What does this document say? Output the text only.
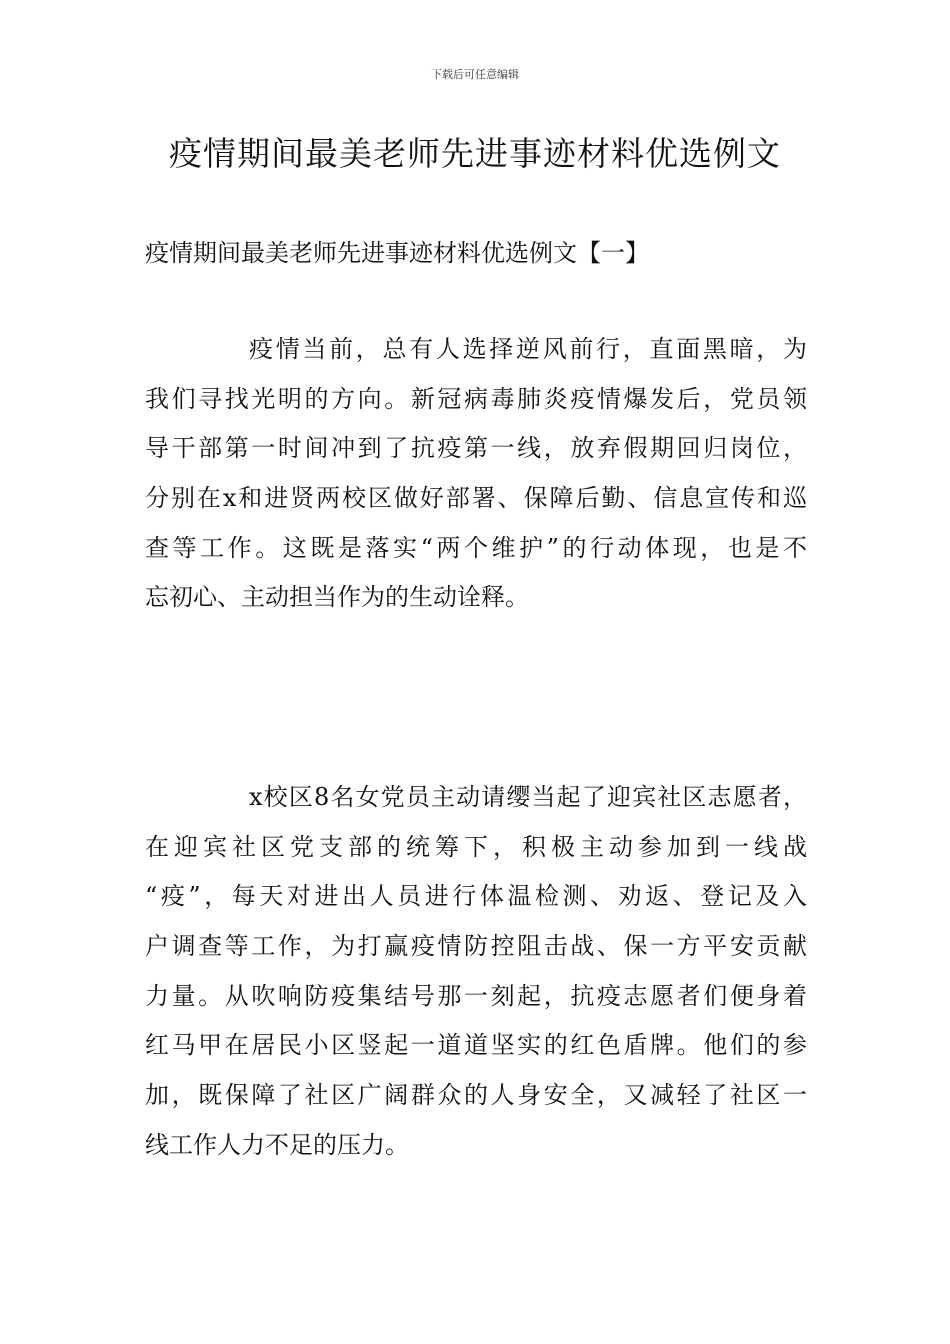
下载后可任意编辑
疫情期间最美老师先进事迹材料优选例文
疫情期间最美老师先进事迹材料优选例文【一】
疫情当前，总有人选择逆风前行，直面黑暗，为
我们寻找光明的方向。新冠病毒肺炎疫情爆发后，党员领
导干部第一时间冲到了抗疫第一线，放弃假期回归岗位，
分别在x和进贤两校区做好部署、保障后勤、信息宣传和巡
查等工作。这既是落实“两个维护”的行动体现，也是不
忘初心、主动担当作为的生动诠释。
x校区8名女党员主动请缨当起了迎宾社区志愿者，
在迎宾社区党支部的统筹下，积极主动参加到一线战
“疫”，每天对进出人员进行体温检测、劝返、登记及入
户调查等工作，为打赢疫情防控阻击战、保一方平安贡献
力量。从吹响防疫集结号那一刻起，抗疫志愿者们便身着
红马甲在居民小区竖起一道道坚实的红色盾牌。他们的参
加，既保障了社区广阔群众的人身安全，又减轻了社区一
线工作人力不足的压力。
